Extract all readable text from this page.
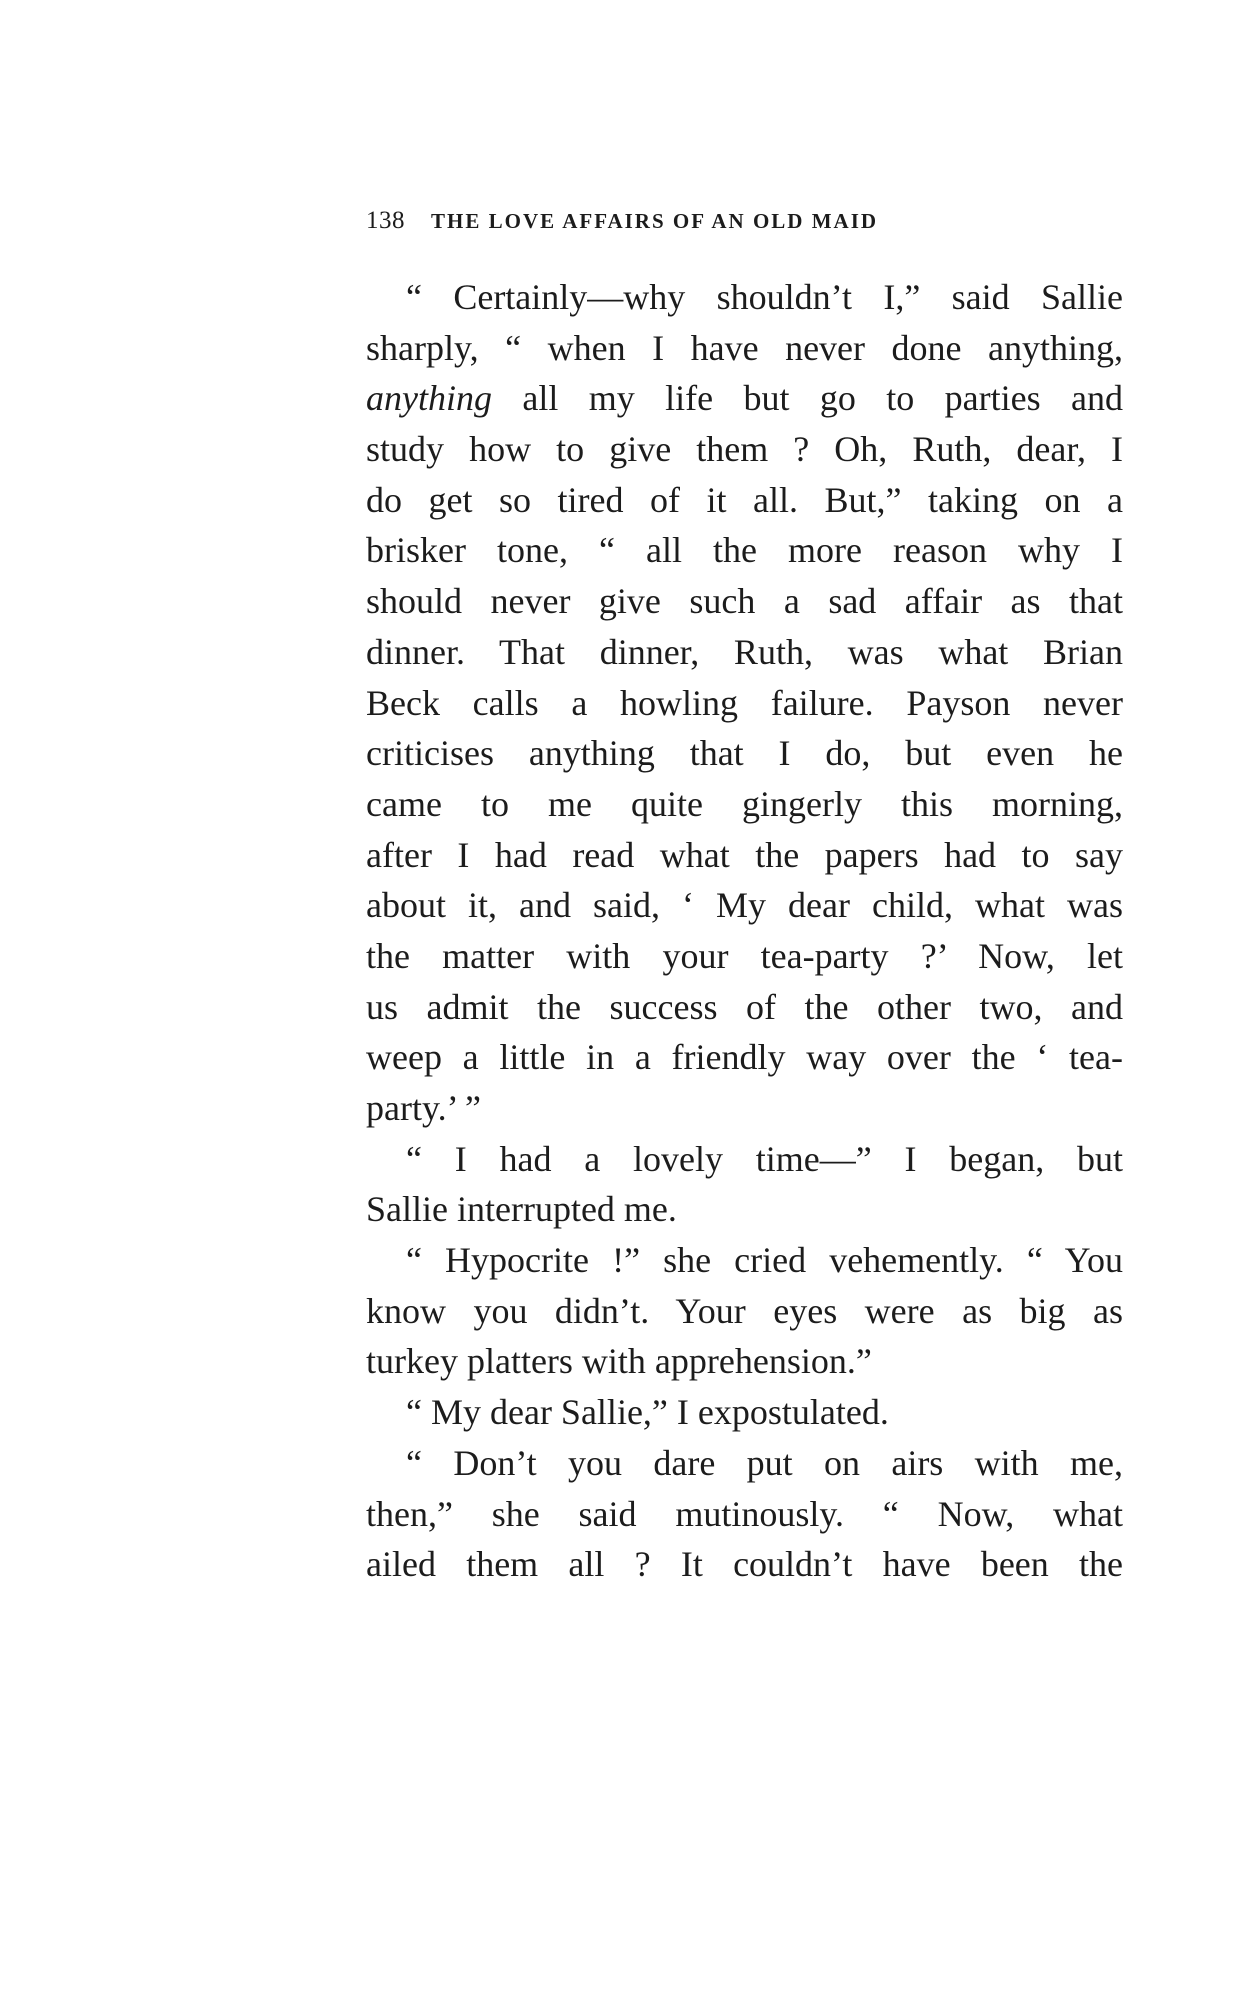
138 THE LOVE AFFAIRS OF AN OLD MAID
“ Certainly—why shouldn’t I,” said Sallie
sharply, “ when I have never done anything,
anything all my life but go to parties and
study how to give them ? Oh, Ruth, dear, I
do get so tired of it all. But,” taking on a
brisker tone, “ all the more reason why I
should never give such a sad affair as that
dinner. That dinner, Ruth, was what Brian
Beck calls a howling failure. Payson never
criticises anything that I do, but even he
came to me quite gingerly this morning,
after I had read what the papers had to say
about it, and said, ‘ My dear child, what was
the matter with your tea-party ?’ Now, let
us admit the success of the other two, and
weep a little in a friendly way over the ‘ tea-
party.’ ”
“ I had a lovely time—” I began, but
Sallie interrupted me.
“ Hypocrite !” she cried vehemently. “ You
know you didn’t. Your eyes were as big as
turkey platters with apprehension.”
“ My dear Sallie,” I expostulated.
“ Don’t you dare put on airs with me,
then,” she said mutinously. “ Now, what
ailed them all ? It couldn’t have been the
